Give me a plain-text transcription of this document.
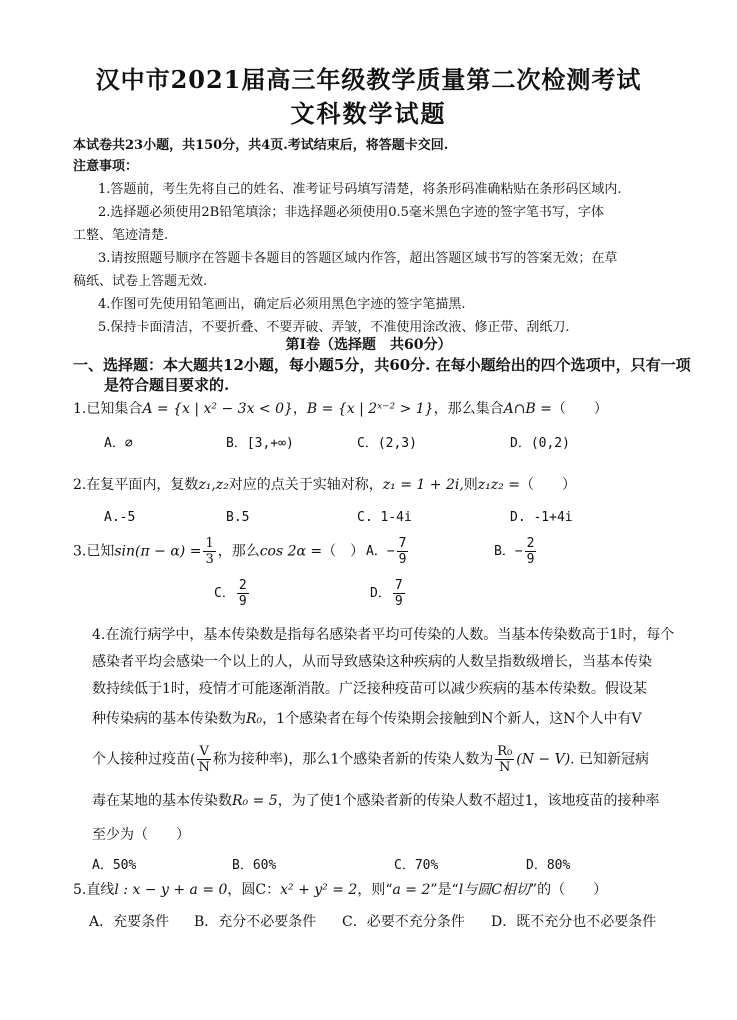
汉中市2021届高三年级教学质量第二次检测考试
文科数学试题
本试卷共23小题，共150分，共4页.考试结束后，将答题卡交回.
注意事项：
1.答题前，考生先将自己的姓名、准考证号码填写清楚，将条形码准确粘贴在条形码区域内.
2.选择题必须使用2B铅笔填涂；非选择题必须使用0.5毫米黑色字迹的签字笔书写，字体
工整、笔迹清楚.
3.请按照题号顺序在答题卡各题目的答题区域内作答，超出答题区域书写的答案无效；在草
稿纸、试卷上答题无效.
4.作图可先使用铅笔画出，确定后必须用黑色字迹的签字笔描黑.
5.保持卡面清洁，不要折叠、不要弄破、弄皱，不准使用涂改液、修正带、刮纸刀.
第Ⅰ卷（选择题　共60分）
一、选择题：本大题共12小题，每小题5分，共60分. 在每小题给出的四个选项中，只有一项
是符合题目要求的.
1.已知集合A = {x | x² − 3x < 0}，B = {x | 2ˣ⁻² > 1}，那么集合A∩B =（　　）
A．∅	B．[3,+∞)	C．(2,3)	D．(0,2)
2.在复平面内，复数z₁,z₂对应的点关于实轴对称，z₁ = 1 + 2i,则z₁z₂ =（　　）
A.-5	B.5	C. 1-4i	D. -1+4i
3.已知$\sin(\pi - \alpha) = \frac{1}{3}$ ，那么cos 2α =（　） A．− $\frac{7}{9}$	B．− $\frac{2}{9}$
C． $\frac{2}{9}$	D． $\frac{7}{9}$
4.在流行病学中，基本传染数是指每名感染者平均可传染的人数。当基本传染数高于1时，每个
感染者平均会感染一个以上的人，从而导致感染这种疾病的人数呈指数级增长，当基本传染
数持续低于1时，疫情才可能逐渐消散。广泛接种疫苗可以减少疾病的基本传染数。假设某
种传染病的基本传染数为R₀，1个感染者在每个传染期会接触到N个新人，这N个人中有V
个人接种过疫苗( $\frac{V}{N}$ 称为接种率)，那么1个感染者新的传染人数为 $\frac{\text{R₀}}{N} (N - V)$. 已知新冠病
毒在某地的基本传染数R₀ = 5，为了使1个感染者新的传染人数不超过1，该地疫苗的接种率
至少为（　　）
A．50%	B．60%	C．70%	D．80%
5.直线l : x − y + a = 0，圆C：x² + y² = 2，则“a = 2”是“l与圆C相切”的（　　）
A．充要条件 B．充分不必要条件 C．必要不充分条件 D．既不充分也不必要条件
